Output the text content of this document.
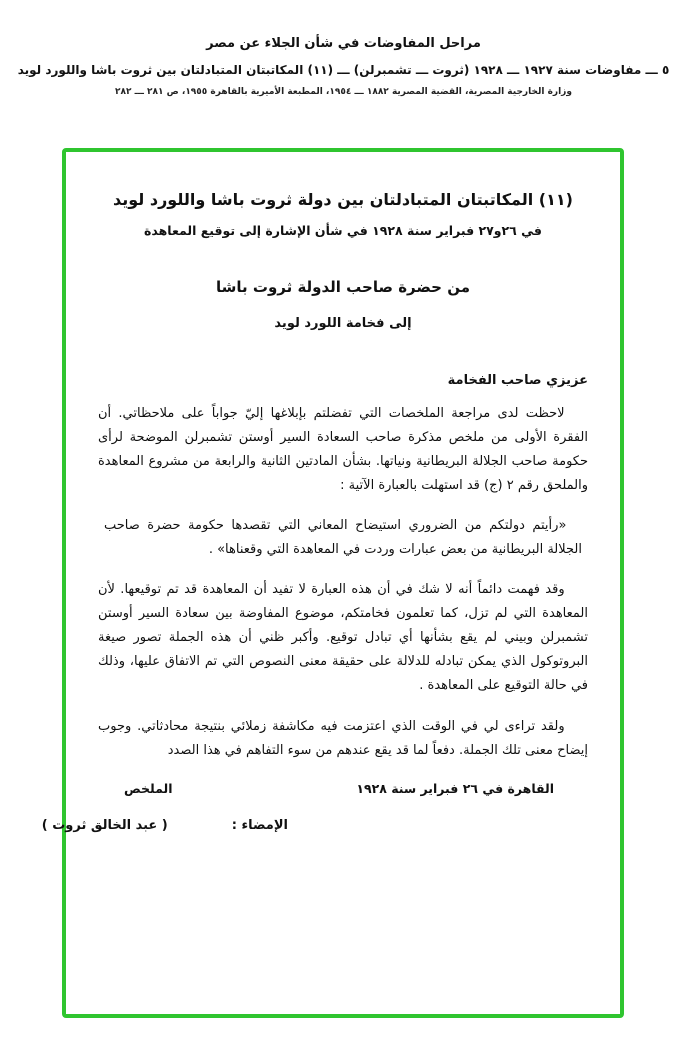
مراحل المفاوضات في شأن الجلاء عن مصر
٥ ـــ مفاوضات سنة ١٩٢٧ ـــ ١٩٢٨ (ثروت ـــ تشمبرلن) ـــ (١١) المكاتبتان المتبادلتان بين ثروت باشا واللورد لويد
وزارة الخارجية المصرية، القضية المصرية ١٨٨٢ ـــ ١٩٥٤، المطبعة الأميرية بالقاهرة ١٩٥٥، ص ٢٨١ ـــ ٢٨٢
(١١) المكاتبتان المتبادلتان بين دولة ثروت باشا واللورد لويد
في ٢٦و٢٧ فبراير سنة ١٩٢٨ في شأن الإشارة إلى توقيع المعاهدة
من حضرة صاحب الدولة ثروت باشا
إلى فخامة اللورد لويد
عزيزي صاحب الفخامة

لاحظت لدى مراجعة الملخصات التي تفضلتم بإبلاغها إليّ جواباً على ملاحظاتي. أن الفقرة الأولى من ملخص مذكرة صاحب السعادة السير أوستن تشمبرلن الموضحة لرأى حكومة صاحب الجلالة البريطانية ونياتها. بشأن المادتين الثانية والرابعة من مشروع المعاهدة والملحق رقم ٢ (ج) قد استهلت بالعبارة الآتية :

«رأيتم دولتكم من الضروري استيضاح المعاني التي تقصدها حكومة حضرة صاحب الجلالة البريطانية من بعض عبارات وردت في المعاهدة التي وقعناها» .

وقد فهمت دائماً أنه لا شك في أن هذه العبارة لا تفيد أن المعاهدة قد تم توقيعها. لأن المعاهدة التي لم تزل، كما تعلمون فخامتكم، موضوع المفاوضة بين سعادة السير أوستن تشمبرلن وبيني لم يقع بشأنها أي تبادل توقيع. وأكبر ظني أن هذه الجملة تصور صيغة البروتوكول الذي يمكن تبادله للدلالة على حقيقة معنى النصوص التي تم الاتفاق عليها، وذلك في حالة التوقيع على المعاهدة .

ولقد تراءى لي في الوقت الذي اعتزمت فيه مكاشفة زملائي بنتيجة محادثاتي. وجوب إيضاح معنى تلك الجملة. دفعاً لما قد يقع عندهم من سوء التفاهم في هذا الصدد

القاهرة في ٢٦ فبراير سنة ١٩٢٨
الملخص
الإمضاء :
( عبد الخالق ثروت )
